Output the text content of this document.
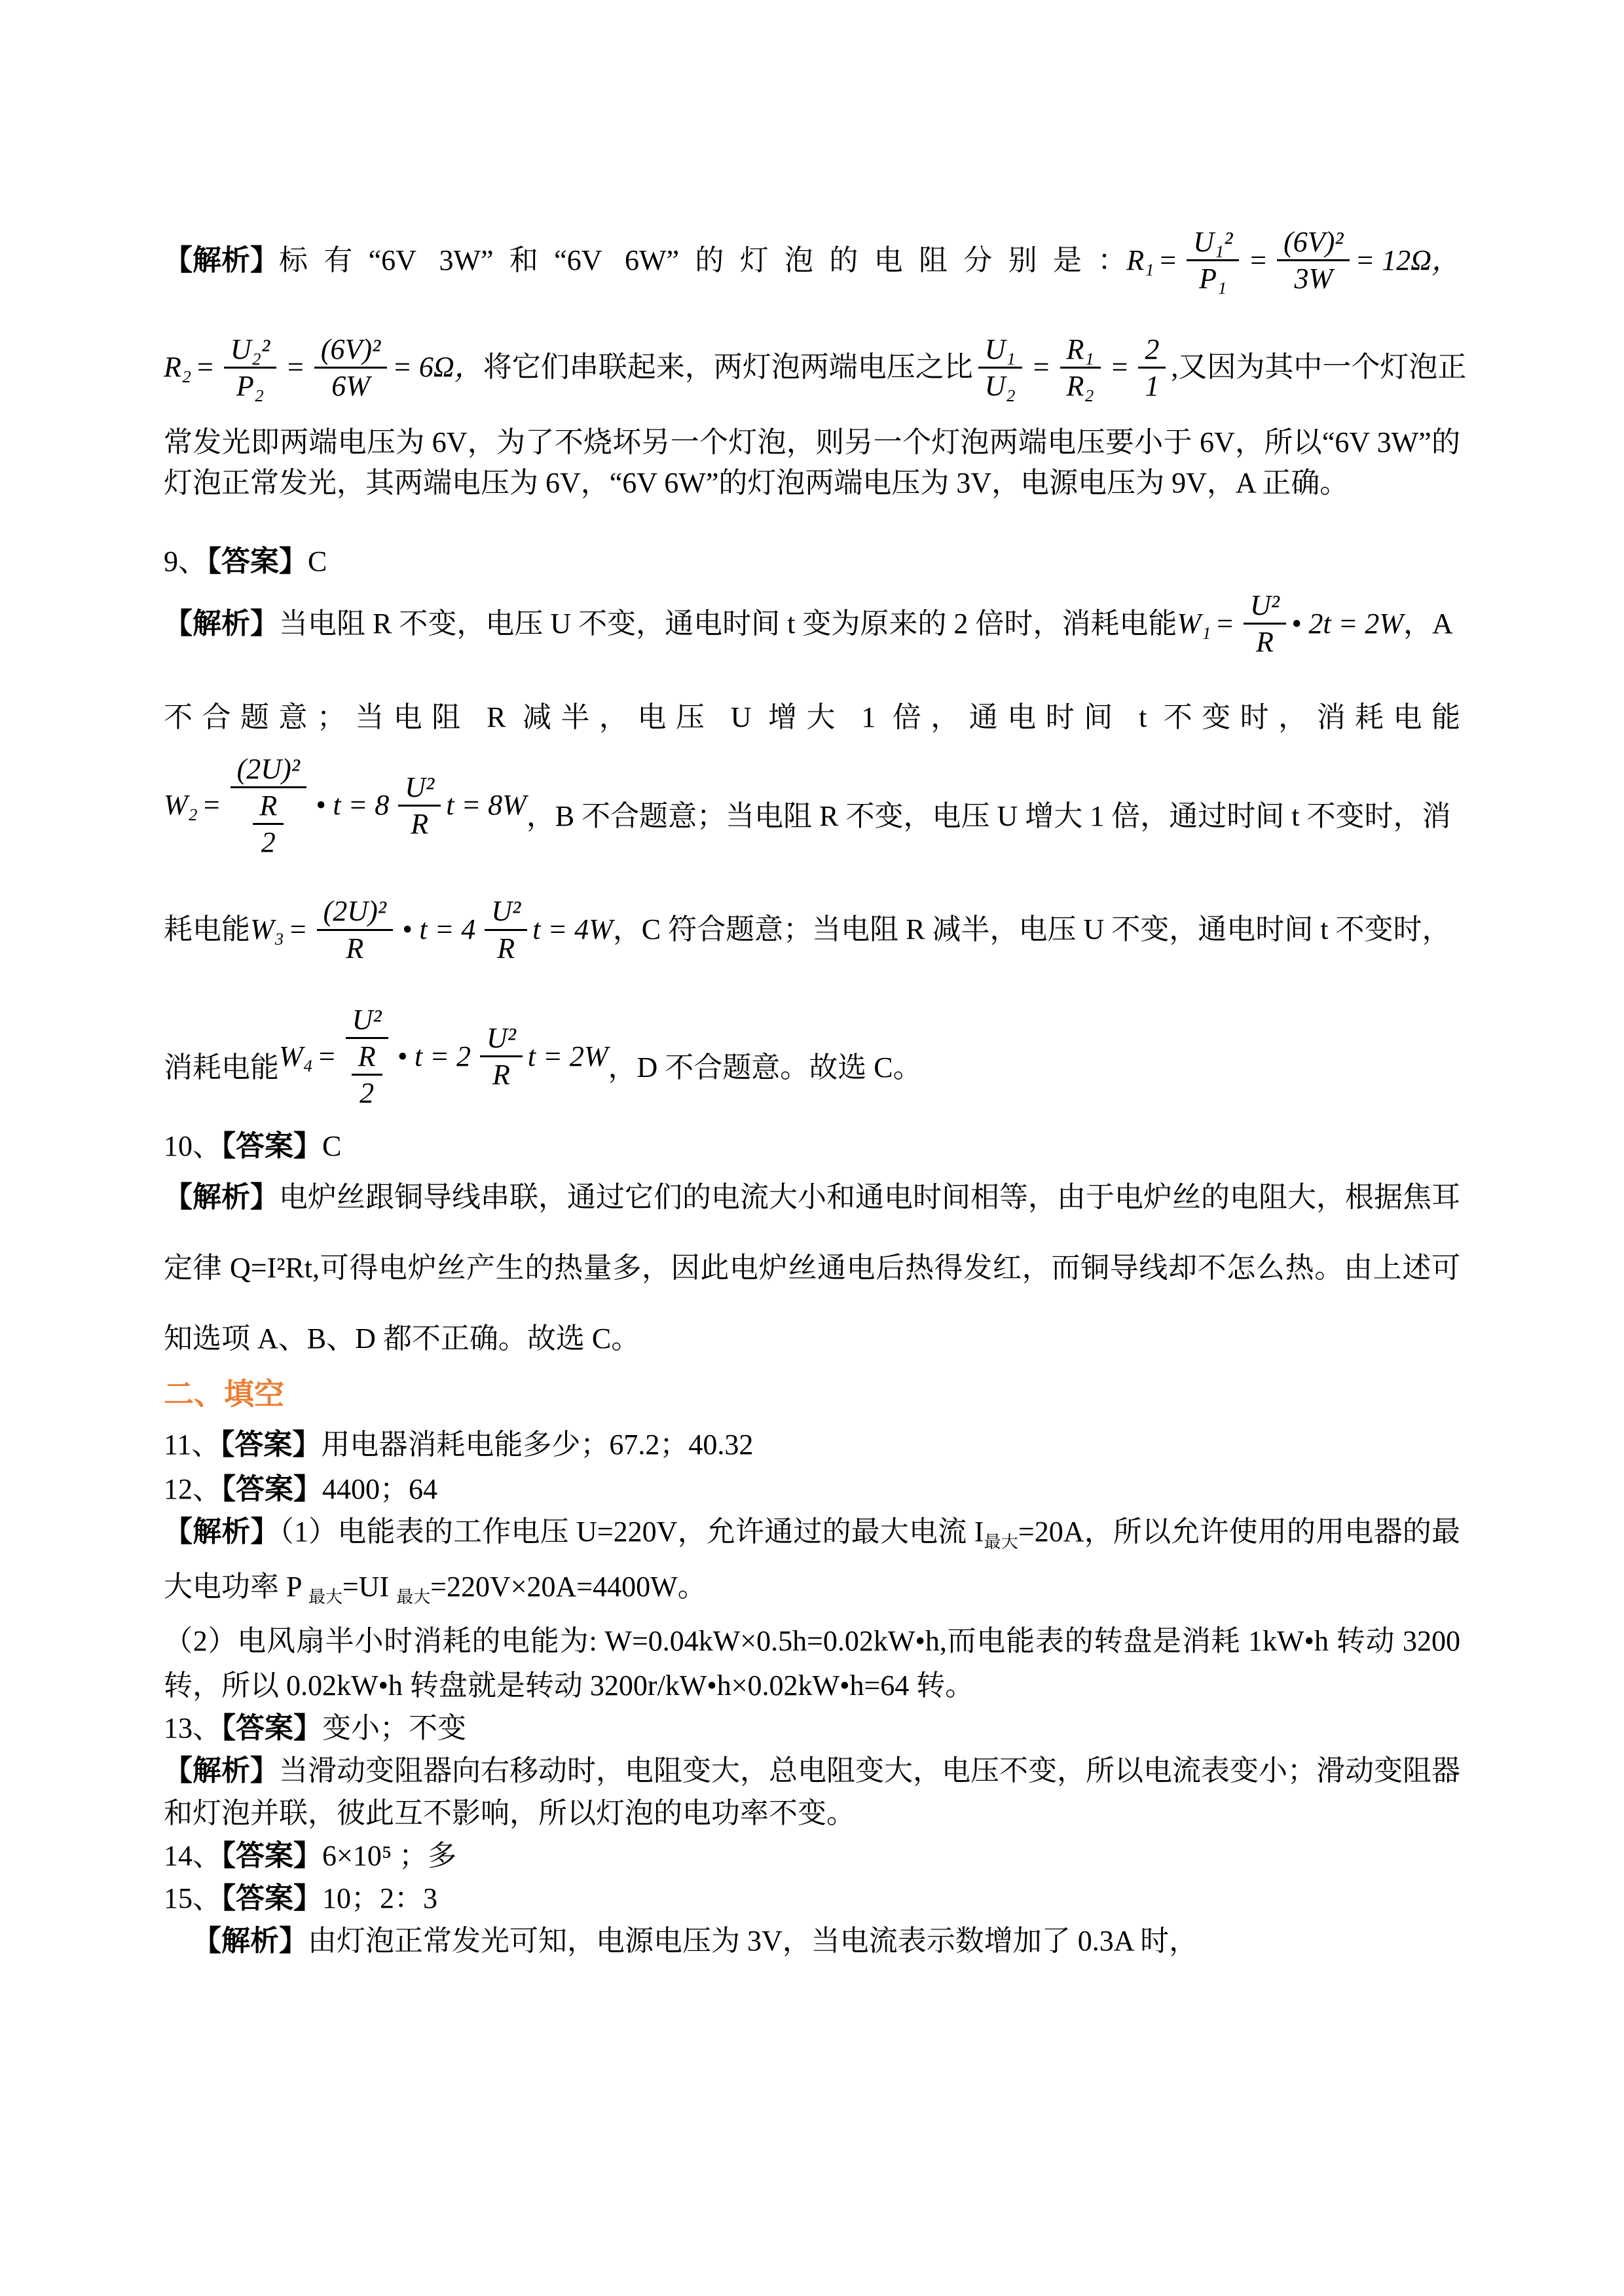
【解析】 标有“6V 3W”和“6V 6W”的灯泡的电阻分别是： $R_1 = \frac{\text{U₁²}}{\text{P₁}} = \frac{\text{(6V)²}}{3W} = 12\Omega$，
$R_2 = \frac{\text{U₂²}}{\text{P₂}} = \frac{\text{(6V)²}}{6W} = 6\Omega$， 将它们串联起来，两灯泡两端电压之比 $\frac{\text{U₁}}{\text{U₂}} = \frac{\text{R₁}}{\text{R₂}} = \frac{2}{1}$ ,又因为其中一个灯泡正
常发光即两端电压为 6V，为了不烧坏另一个灯泡，则另一个灯泡两端电压要小于 6V，所以“6V 3W”的
灯泡正常发光，其两端电压为 6V，“6V 6W”的灯泡两端电压为 3V，电源电压为 9V，A 正确。
9、【答案】C
【解析】 当电阻 R 不变，电压 U 不变，通电时间 t 变为原来的 2 倍时，消耗电能 $W_1 = \frac{\text{U²}}{R}$ • 2t = 2W ，A
不合题意；当电阻 R 减半，电压 U 增大 1 倍，通电时间 t 不变时，消耗电能
$W_2 = \frac{\text{(2U)²}}{\frac{R}{2}}$ • $t = 8 \frac{\text{U²}}{R}$ t = 8W ，B 不合题意；当电阻 R 不变，电压 U 增大 1 倍，通过时间 t 不变时，消
耗电能 $W_3 = \frac{\text{(2U)²}}{R}$ • $t = 4 \frac{\text{U²}}{R}$ t = 4W ，C 符合题意；当电阻 R 减半，电压 U 不变，通电时间 t 不变时，
消耗电能 $W_4 = \frac{\text{U²}}{\frac{R}{2}}$ • $t = 2 \frac{\text{U²}}{R}$ t = 2W ，D 不合题意。故选 C。
10、【答案】C
【解析】电炉丝跟铜导线串联，通过它们的电流大小和通电时间相等，由于电炉丝的电阻大，根据焦耳
定律 Q=I²Rt,可得电炉丝产生的热量多，因此电炉丝通电后热得发红，而铜导线却不怎么热。由上述可
知选项 A、B、D 都不正确。故选 C。
二、填空
11、【答案】用电器消耗电能多少；67.2；40.32
12、【答案】4400；64
【解析】（1）电能表的工作电压 U=220V，允许通过的最大电流 $I_{最大}=20A$，所以允许使用的用电器的最
大电功率 P $_{最大}$=UI $_{最大}$=220V×20A=4400W。
（2）电风扇半小时消耗的电能为: W=0.04kW×0.5h=0.02kW•h,而电能表的转盘是消耗 1kW•h 转动 3200
转，所以 0.02kW•h 转盘就是转动 3200r/kW•h×0.02kW•h=64 转。
13、【答案】变小；不变
【解析】当滑动变阻器向右移动时，电阻变大，总电阻变大，电压不变，所以电流表变小；滑动变阻器
和灯泡并联，彼此互不影响，所以灯泡的电功率不变。
14、【答案】6×10⁵ ；多
15、【答案】10；2：3
【解析】由灯泡正常发光可知，电源电压为 3V，当电流表示数增加了 0.3A 时，
